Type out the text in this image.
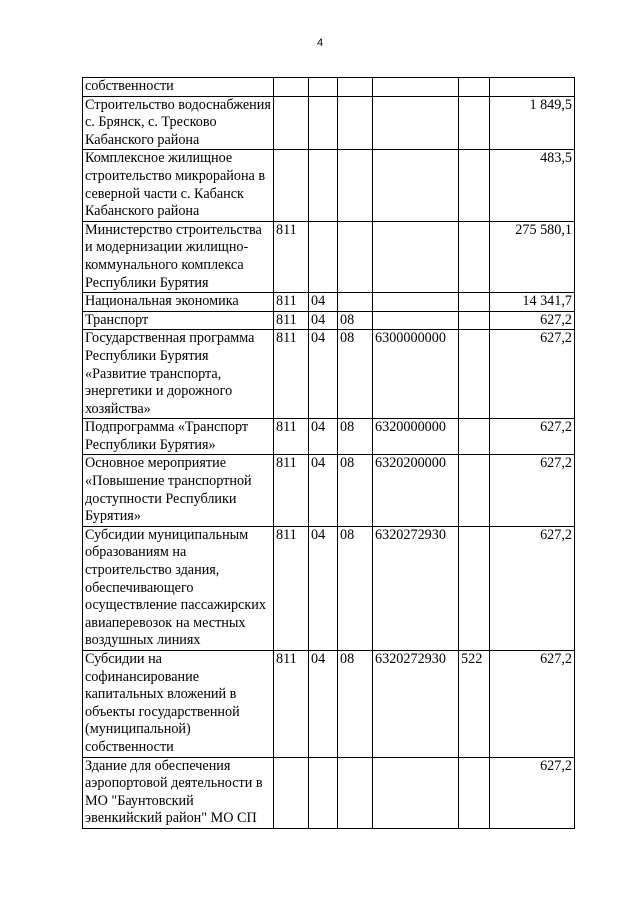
4
собственности						
Строительство водоснабжения с. Брянск, с. Тресково Кабанского района						1 849,5
Комплексное жилищное строительство микрорайона в северной части с. Кабанск Кабанского района						483,5
Министерство строительства и модернизации жилищно-коммунального комплекса Республики Бурятия	811					275 580,1
Национальная экономика	811	04				14 341,7
Транспорт	811	04	08			627,2
Государственная программа Республики Бурятия «Развитие транспорта, энергетики и дорожного хозяйства»	811	04	08	6300000000		627,2
Подпрограмма «Транспорт Республики Бурятия»	811	04	08	6320000000		627,2
Основное мероприятие «Повышение транспортной доступности Республики Бурятия»	811	04	08	6320200000		627,2
Субсидии муниципальным образованиям на строительство здания, обеспечивающего осуществление пассажирских авиаперевозок на местных воздушных линиях	811	04	08	6320272930		627,2
Субсидии на софинансирование капитальных вложений в объекты государственной (муниципальной) собственности	811	04	08	6320272930	522	627,2
Здание для обеспечения аэропортовой деятельности в МО "Баунтовский эвенкийский район" МО СП						627,2
